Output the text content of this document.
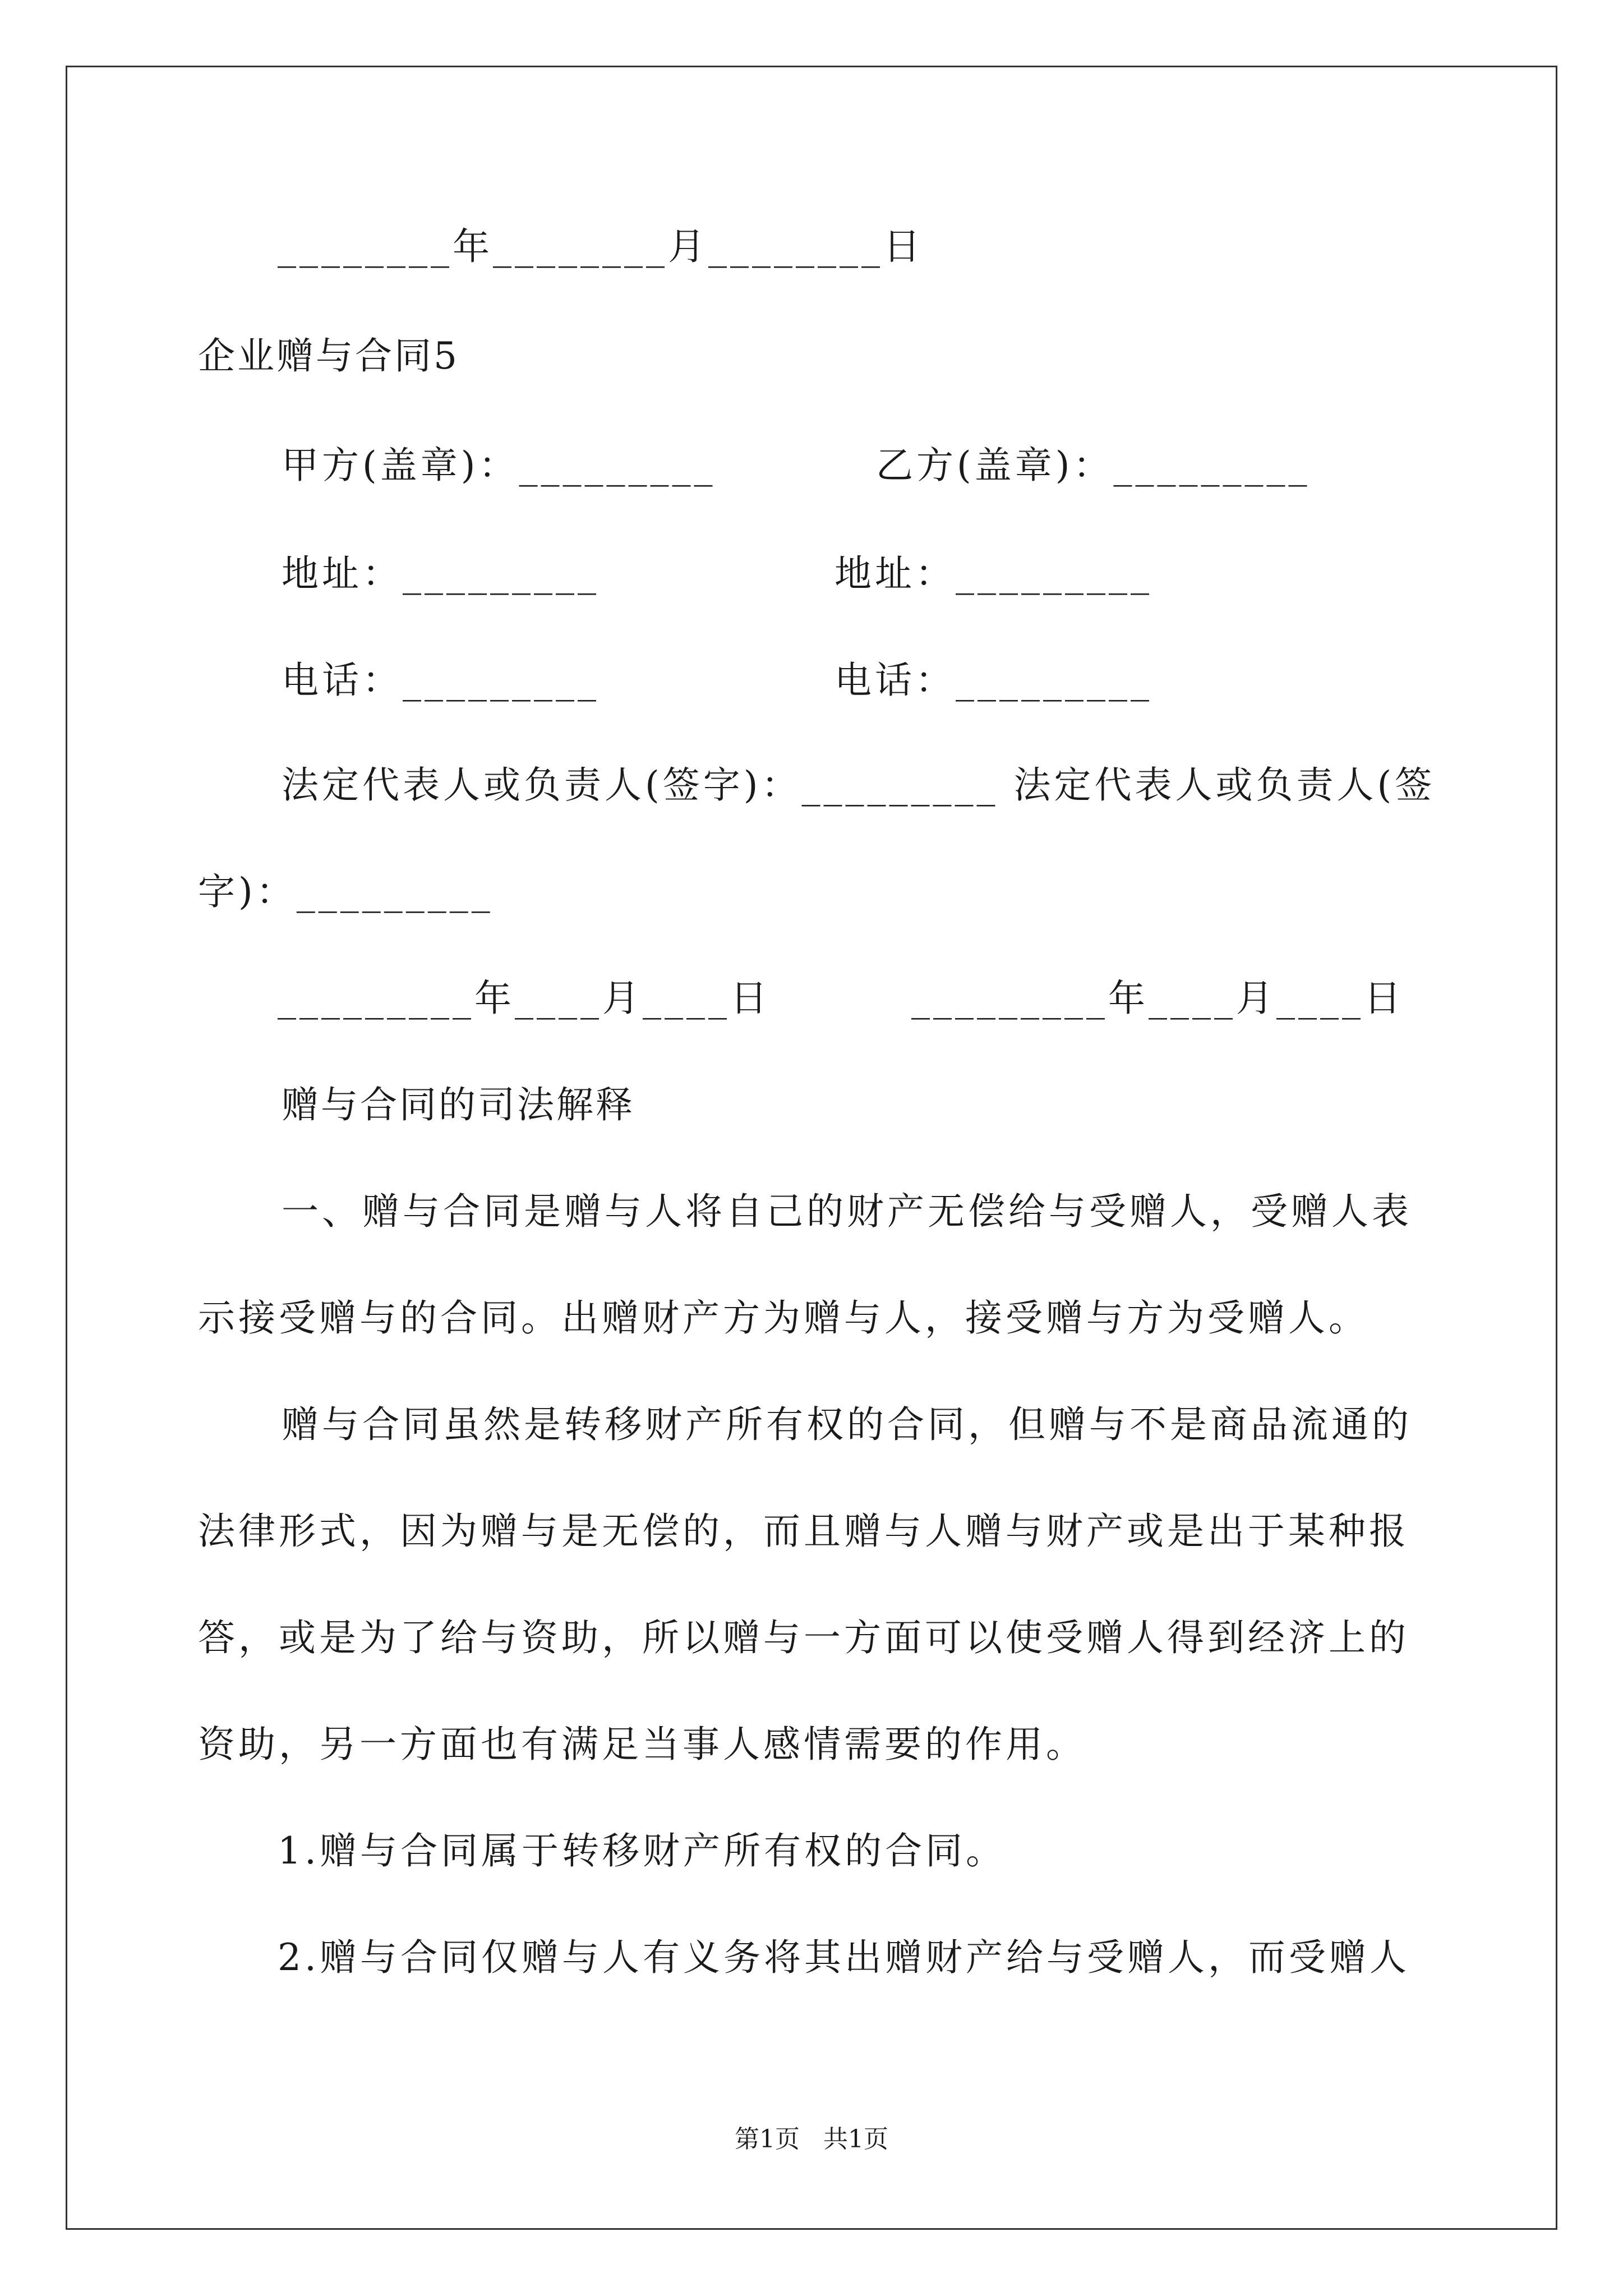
________年________月________日
企业赠与合同5
甲方(盖章)：_________	乙方(盖章)：_________
地址：_________	地址：_________
电话：_________	电话：_________
法定代表人或负责人(签字)：_________ 法定代表人或负责人(签
字)：_________
_________年____月____日	_________年____月____日
赠与合同的司法解释
一、赠与合同是赠与人将自己的财产无偿给与受赠人，受赠人表
示接受赠与的合同。出赠财产方为赠与人，接受赠与方为受赠人。
赠与合同虽然是转移财产所有权的合同，但赠与不是商品流通的
法律形式，因为赠与是无偿的，而且赠与人赠与财产或是出于某种报
答，或是为了给与资助，所以赠与一方面可以使受赠人得到经济上的
资助，另一方面也有满足当事人感情需要的作用。
1.赠与合同属于转移财产所有权的合同。
2.赠与合同仅赠与人有义务将其出赠财产给与受赠人，而受赠人
第1页   共1页
